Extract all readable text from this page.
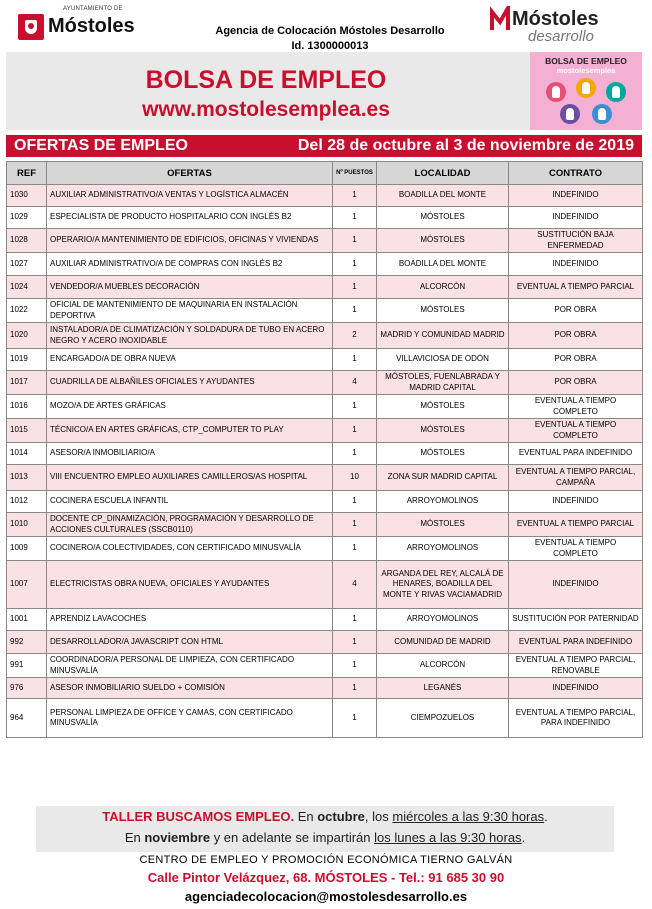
AYUNTAMIENTO DE
Móstoles	Agencia de Colocación Móstoles Desarrollo
Id. 1300000013
Móstoles
desarrollo
BOLSA DE EMPLEO
www.mostolesemplea.es
BOLSA DE EMPLEO
mostolesemplea
OFERTAS DE EMPLEO	Del 28 de octubre al 3 de noviembre de 2019
REF	OFERTAS	Nº PUESTOS	LOCALIDAD	CONTRATO
1030	AUXILIAR ADMINISTRATIVO/A VENTAS Y LOGÍSTICA ALMACÉN	1	BOADILLA DEL MONTE	INDEFINIDO
1029	ESPECIALISTA DE PRODUCTO HOSPITALARIO CON INGLÉS B2	1	MÓSTOLES	INDEFINIDO
1028	OPERARIO/A MANTENIMIENTO DE EDIFICIOS, OFICINAS Y VIVIENDAS	1	MÓSTOLES	SUSTITUCIÓN BAJA ENFERMEDAD
1027	AUXILIAR ADMINISTRATIVO/A DE COMPRAS CON INGLÉS B2	1	BOADILLA DEL MONTE	INDEFINIDO
1024	VENDEDOR/A MUEBLES DECORACIÓN	1	ALCORCÓN	EVENTUAL A TIEMPO PARCIAL
1022	OFICIAL DE MANTENIMIENTO DE MAQUINARIA EN INSTALACIÓN DEPORTIVA	1	MÓSTOLES	POR OBRA
1020	INSTALADOR/A DE CLIMATIZACIÓN Y SOLDADURA DE TUBO EN ACERO NEGRO Y ACERO INOXIDABLE	2	MADRID Y COMUNIDAD MADRID	POR OBRA
1019	ENCARGADO/A DE OBRA NUEVA	1	VILLAVICIOSA DE ODÓN	POR OBRA
1017	CUADRILLA DE ALBAÑILES OFICIALES Y AYUDANTES	4	MÓSTOLES, FUENLABRADA Y MADRID CAPITAL	POR OBRA
1016	MOZO/A DE ARTES GRÁFICAS	1	MÓSTOLES	EVENTUAL A TIEMPO COMPLETO
1015	TÉCNICO/A EN ARTES GRÁFICAS, CTP_COMPUTER TO PLAY	1	MÓSTOLES	EVENTUAL A TIEMPO COMPLETO
1014	ASESOR/A INMOBILIARIO/A	1	MÓSTOLES	EVENTUAL PARA INDEFINIDO
1013	VIII ENCUENTRO EMPLEO AUXILIARES CAMILLEROS/AS HOSPITAL	10	ZONA SUR MADRID CAPITAL	EVENTUAL A TIEMPO PARCIAL, CAMPAÑA
1012	COCINERA ESCUELA INFANTIL	1	ARROYOMOLINOS	INDEFINIDO
1010	DOCENTE CP_DINAMIZACIÓN, PROGRAMACIÓN Y DESARROLLO DE ACCIONES CULTURALES (SSCB0110)	1	MÓSTOLES	EVENTUAL A TIEMPO PARCIAL
1009	COCINERO/A COLECTIVIDADES, CON CERTIFICADO MINUSVALÍA	1	ARROYOMOLINOS	EVENTUAL A TIEMPO COMPLETO
1007	ELECTRICISTAS OBRA NUEVA, OFICIALES Y AYUDANTES	4	ARGANDA DEL REY, ALCALÁ DE HENARES, BOADILLA DEL MONTE Y RIVAS VACIAMADRID	INDEFINIDO
1001	APRENDIZ LAVACOCHES	1	ARROYOMOLINOS	SUSTITUCIÓN POR PATERNIDAD
992	DESARROLLADOR/A JAVASCRIPT CON HTML	1	COMUNIDAD DE MADRID	EVENTUAL PARA INDEFINIDO
991	COORDINADOR/A PERSONAL DE LIMPIEZA, CON CERTIFICADO MINUSVALÍA	1	ALCORCÓN	EVENTUAL A TIEMPO PARCIAL, RENOVABLE
976	ASESOR INMOBILIARIO SUELDO + COMISIÓN	1	LEGANÉS	INDEFINIDO
964	PERSONAL LIMPIEZA DE OFFICE Y CAMAS, CON CERTIFICADO MINUSVALÍA	1	CIEMPOZUELOS	EVENTUAL A TIEMPO PARCIAL, PARA INDEFINIDO
TALLER BUSCAMOS EMPLEO. En octubre, los miércoles a las 9:30 horas.
En noviembre y en adelante se impartirán los lunes a las 9:30 horas.
CENTRO DE EMPLEO Y PROMOCIÓN ECONÓMICA TIERNO GALVÁN
Calle Pintor Velázquez, 68. MÓSTOLES - Tel.: 91 685 30 90
agenciadecolocacion@mostolesdesarrollo.es
